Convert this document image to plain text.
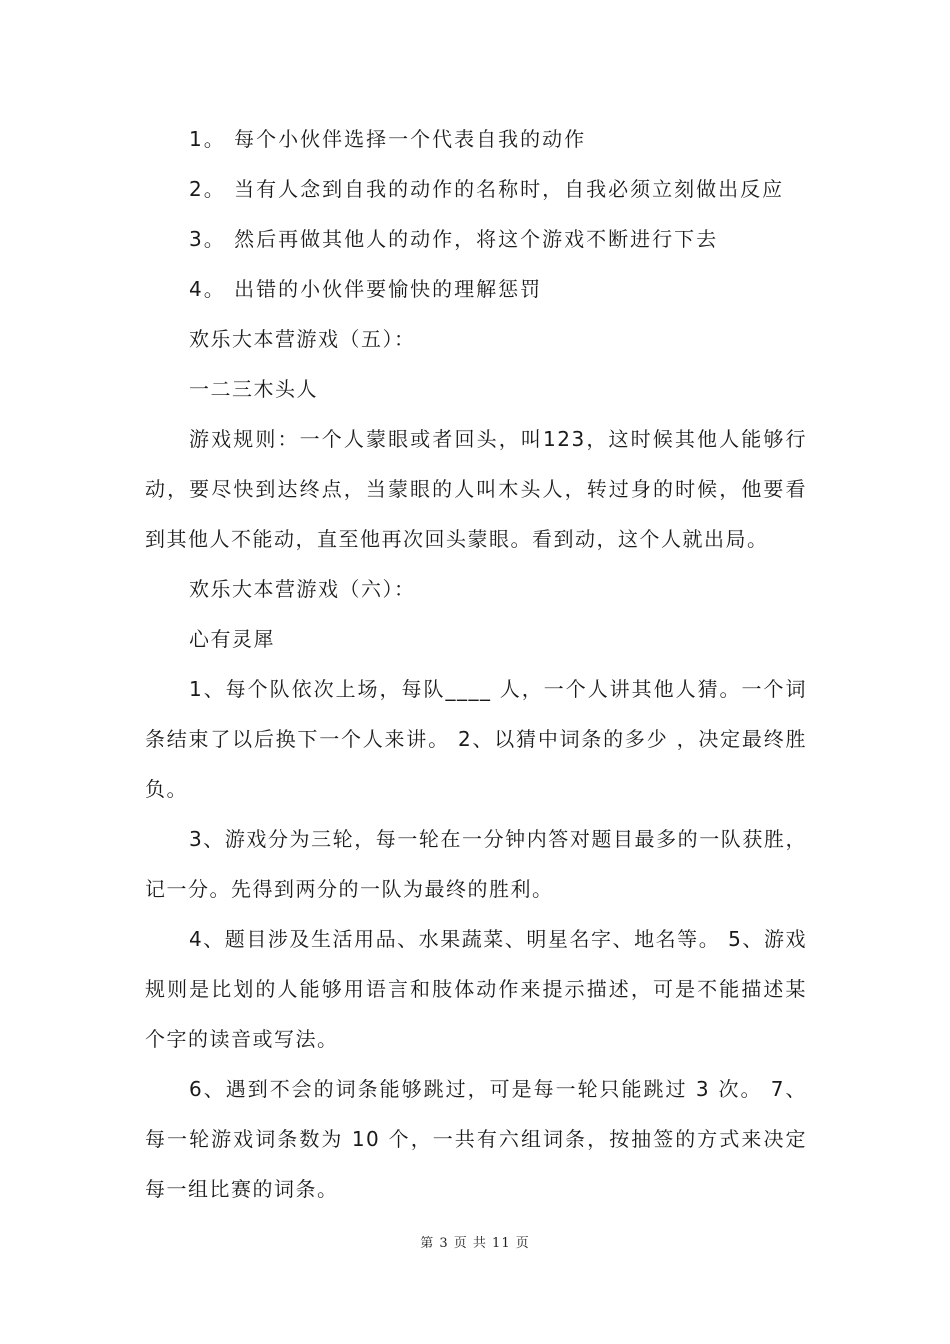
1。 每个小伙伴选择一个代表自我的动作

2。 当有人念到自我的动作的名称时，自我必须立刻做出反应

3。 然后再做其他人的动作，将这个游戏不断进行下去

4。 出错的小伙伴要愉快的理解惩罚

欢乐大本营游戏（五）：

一二三木头人

游戏规则：一个人蒙眼或者回头，叫123，这时候其他人能够行动，要尽快到达终点，当蒙眼的人叫木头人，转过身的时候，他要看到其他人不能动，直至他再次回头蒙眼。看到动，这个人就出局。

欢乐大本营游戏（六）：

心有灵犀

1、每个队依次上场，每队____ 人，一个人讲其他人猜。一个词条结束了以后换下一个人来讲。 2、以猜中词条的多少 ，决定最终胜负。

3、游戏分为三轮，每一轮在一分钟内答对题目最多的一队获胜，记一分。先得到两分的一队为最终的胜利。

4、题目涉及生活用品、水果蔬菜、明星名字、地名等。 5、游戏规则是比划的人能够用语言和肢体动作来提示描述，可是不能描述某个字的读音或写法。

6、遇到不会的词条能够跳过，可是每一轮只能跳过 3 次。 7、每一轮游戏词条数为 10 个，一共有六组词条，按抽签的方式来决定每一组比赛的词条。

第 3 页 共 11 页
